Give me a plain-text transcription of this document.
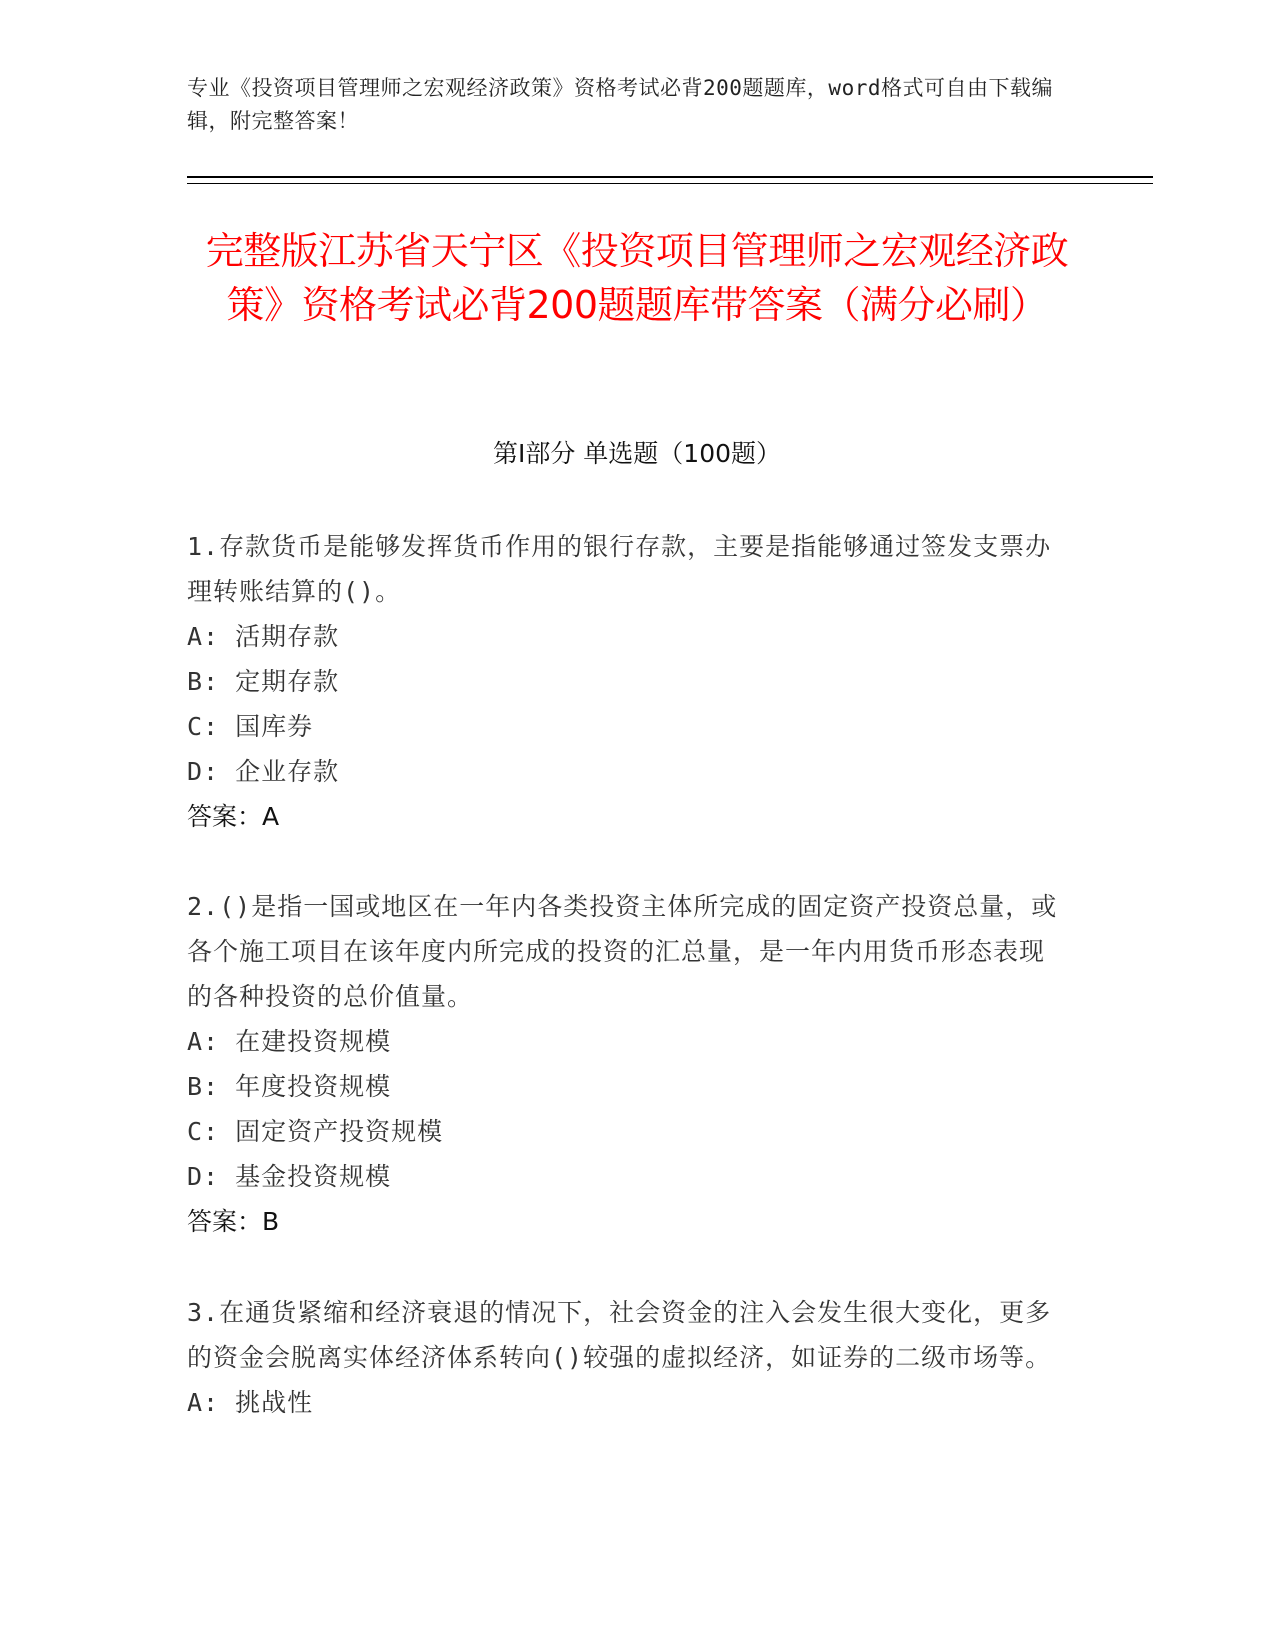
专业《投资项目管理师之宏观经济政策》资格考试必背200题题库，word格式可自由下载编辑，附完整答案！
完整版江苏省天宁区《投资项目管理师之宏观经济政策》资格考试必背200题题库带答案（满分必刷）
第Ⅰ部分 单选题（100题）

1.存款货币是能够发挥货币作用的银行存款，主要是指能够通过签发支票办理转账结算的()。

A: 活期存款

B: 定期存款

C: 国库券

D: 企业存款

答案：A

2.()是指一国或地区在一年内各类投资主体所完成的固定资产投资总量，或各个施工项目在该年度内所完成的投资的汇总量，是一年内用货币形态表现的各种投资的总价值量。

A: 在建投资规模

B: 年度投资规模

C: 固定资产投资规模

D: 基金投资规模

答案：B

3.在通货紧缩和经济衰退的情况下，社会资金的注入会发生很大变化，更多的资金会脱离实体经济体系转向()较强的虚拟经济，如证券的二级市场等。

A: 挑战性
